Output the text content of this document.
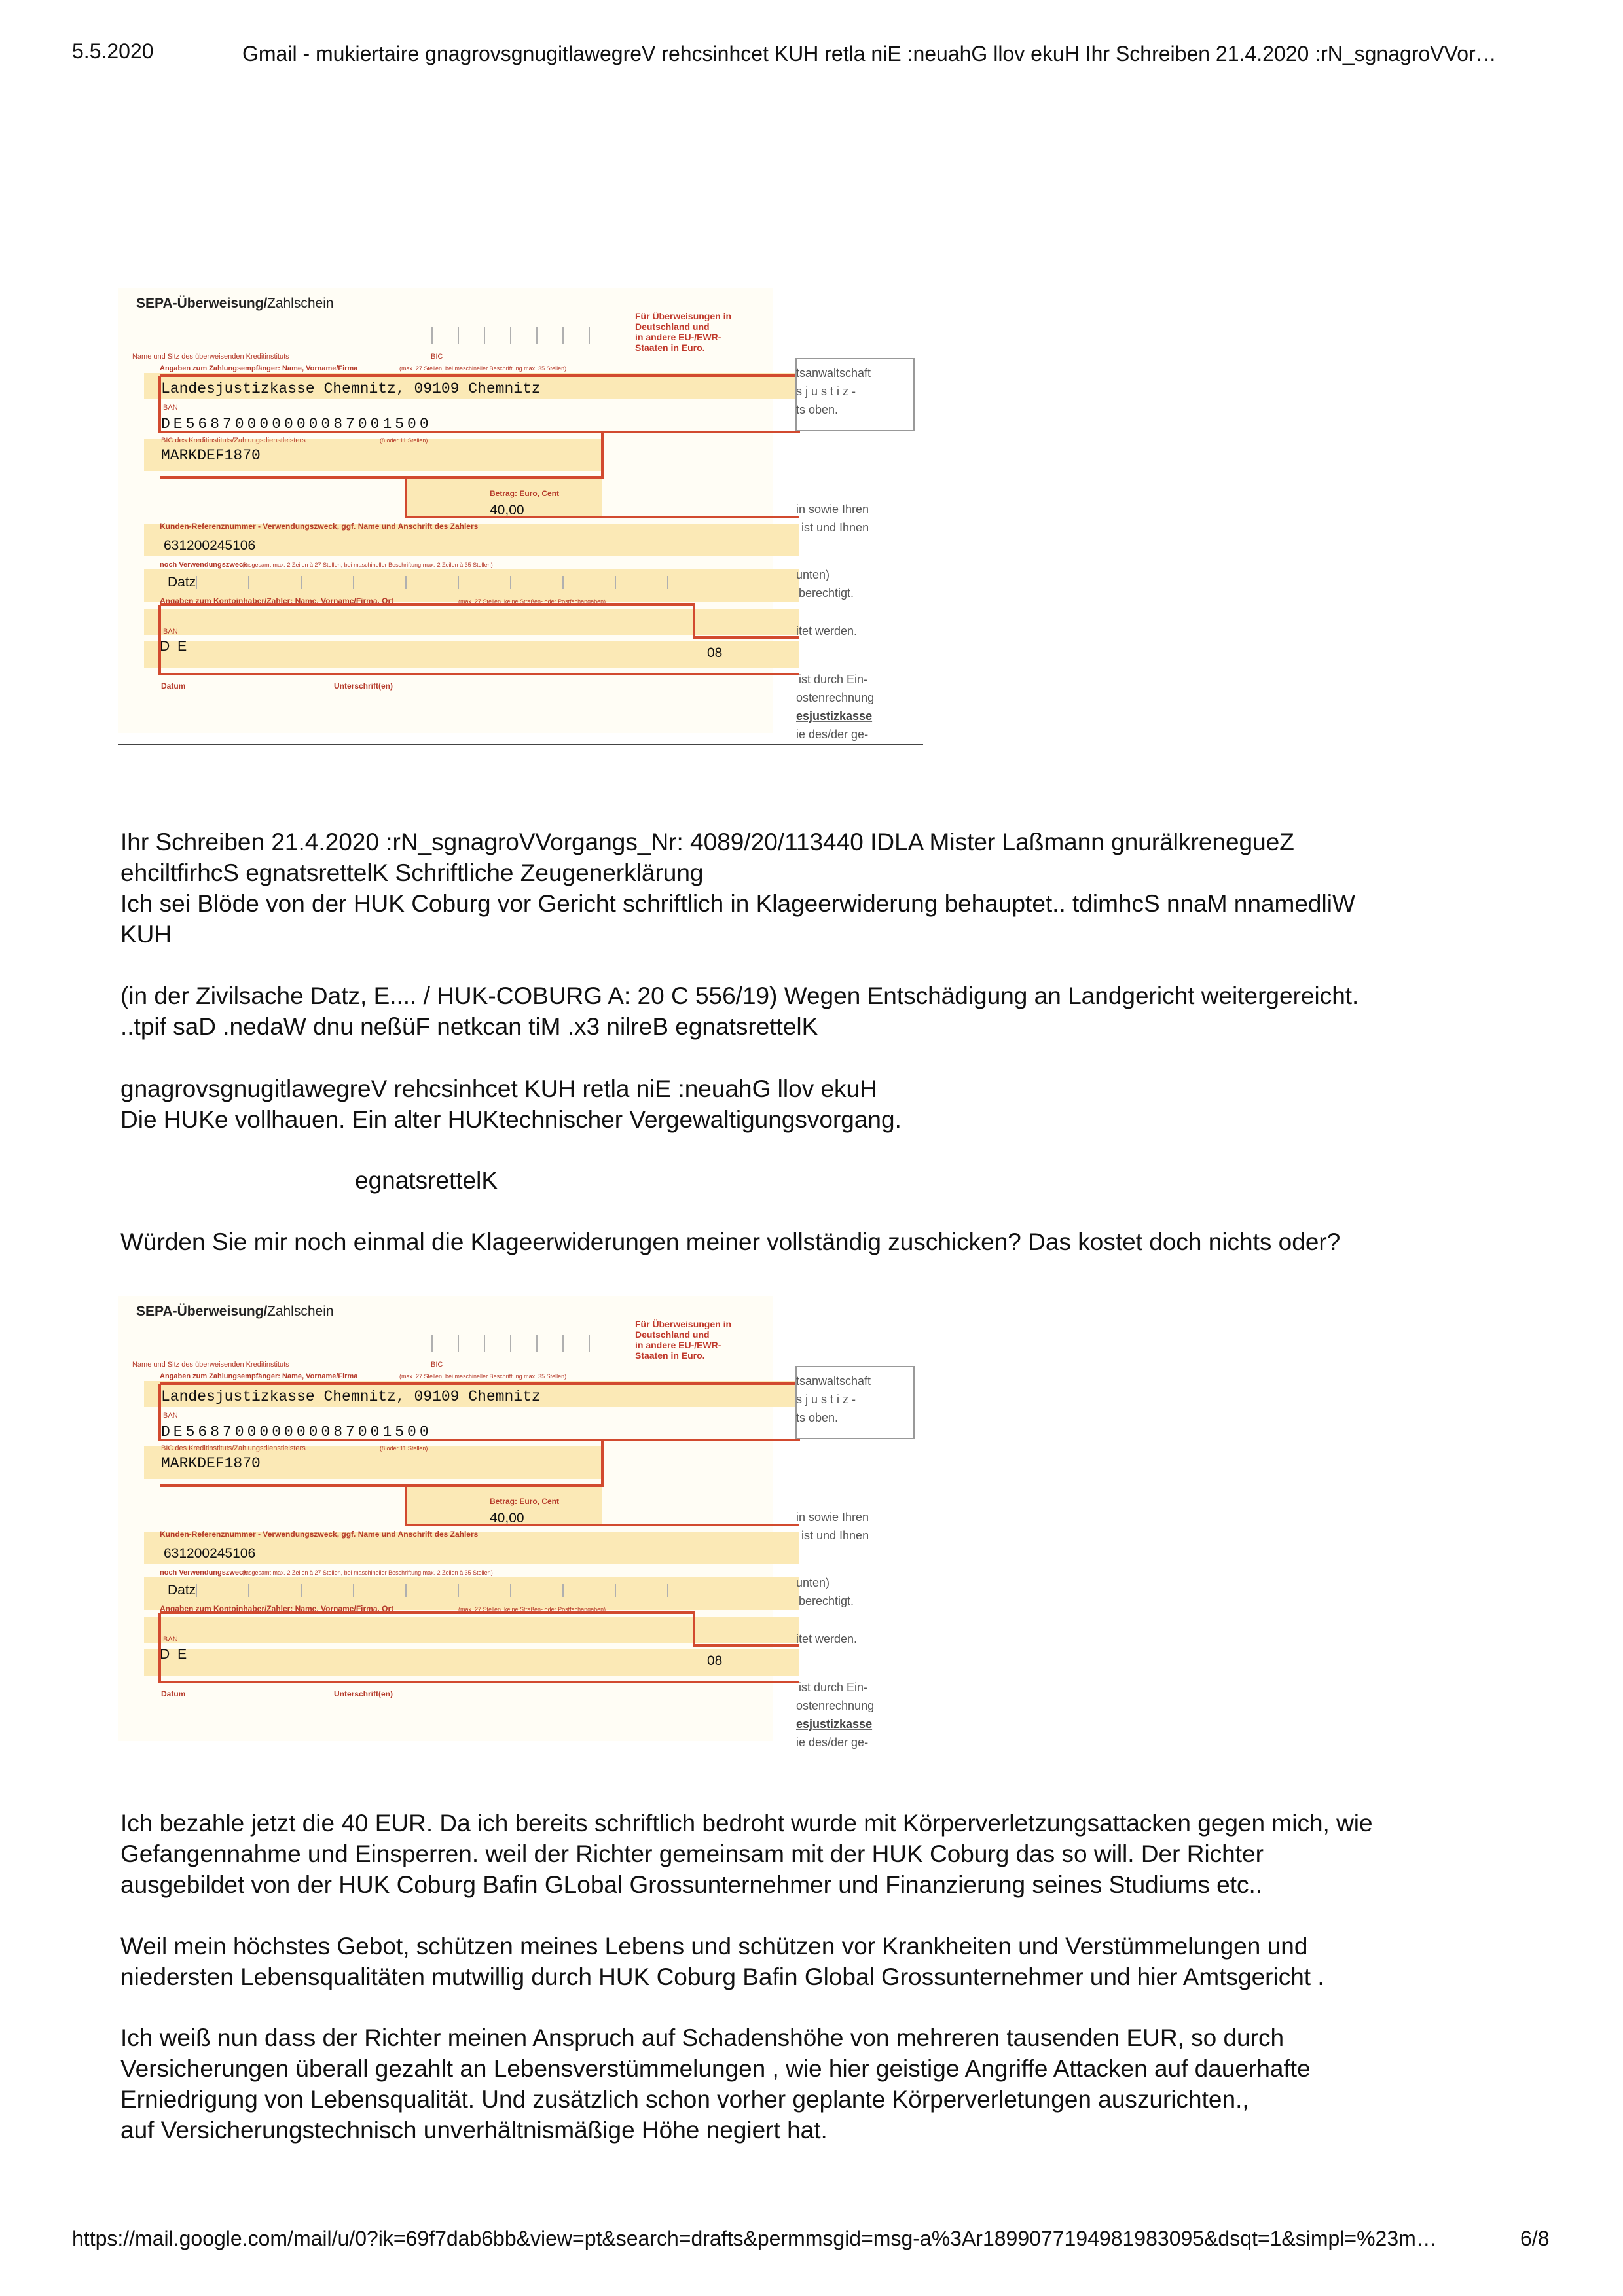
5.5.2020	Gmail - mukiertaire gnagrovsgnugitlawegreV rehcsinhcet KUH retla niE :neuahG llov ekuH Ihr Schreiben 21.4.2020 :rN_sgnagroVVor…
SEPA-Überweisung/ Zahlschein
Für Überweisungen in
Deutschland und
in andere EU-/EWR-
Staaten in Euro.
Name und Sitz des überweisenden Kreditinstituts	BIC
Angaben zum Zahlungsempfänger: Name, Vorname/Firma	(max. 27 Stellen, bei maschineller Beschriftung max. 35 Stellen)
Landesjustizkasse Chemnitz, 09109 Chemnitz
IBAN
DE56870000000087001500
BIC des Kreditinstituts/Zahlungsdienstleisters	(8 oder 11 Stellen)
MARKDEF1870
Betrag: Euro, Cent
40,00
Kunden-Referenznummer - Verwendungszweck, ggf. Name und Anschrift des Zahlers
631200245106
noch Verwendungszweck
(insgesamt max. 2 Zeilen à 27 Stellen, bei maschineller Beschriftung max. 2 Zeilen à 35 Stellen)
Datz
Angaben zum Kontoinhaber/Zahler: Name, Vorname/Firma, Ort	(max. 27 Stellen, keine Straßen- oder Postfachangaben)
IBAN
DE	08
Datum	Unterschrift(en)
tsanwaltschaft
sjustiz-
ts oben.
in sowie Ihren
ist und Ihnen
unten)
berechtigt.
itet werden.
ist durch Ein-
ostenrechnung
esjustizkasse
ie des/der ge-
Ihr Schreiben 21.4.2020 :rN_sgnagroVVorgangs_Nr: 4089/20/113440 IDLA Mister Laßmann gnurälkrenegueZ
ehciltfirhcS egnatsrettelK Schriftliche Zeugenerklärung
Ich sei Blöde von der HUK Coburg vor Gericht schriftlich in Klageerwiderung behauptet.. tdimhcS nnaM nnamedliW
KUH
(in der Zivilsache Datz, E.... / HUK-COBURG A: 20 C 556/19) Wegen Entschädigung an Landgericht weitergereicht.
..tpif saD .nedaW dnu neßüF netkcan tiM .x3 nilreB egnatsrettelK
gnagrovsgnugitlawegreV rehcsinhcet KUH retla niE :neuahG llov ekuH
Die HUKe vollhauen. Ein alter HUKtechnischer Vergewaltigungsvorgang.
egnatsrettelK
Würden Sie mir noch einmal die Klageerwiderungen meiner vollständig zuschicken? Das kostet doch nichts oder?
SEPA-Überweisung/ Zahlschein
Für Überweisungen in
Deutschland und
in andere EU-/EWR-
Staaten in Euro.
Name und Sitz des überweisenden Kreditinstituts	BIC
Angaben zum Zahlungsempfänger: Name, Vorname/Firma	(max. 27 Stellen, bei maschineller Beschriftung max. 35 Stellen)
Landesjustizkasse Chemnitz, 09109 Chemnitz
IBAN
DE56870000000087001500
BIC des Kreditinstituts/Zahlungsdienstleisters	(8 oder 11 Stellen)
MARKDEF1870
Betrag: Euro, Cent
40,00
Kunden-Referenznummer - Verwendungszweck, ggf. Name und Anschrift des Zahlers
631200245106
noch Verwendungszweck
(insgesamt max. 2 Zeilen à 27 Stellen, bei maschineller Beschriftung max. 2 Zeilen à 35 Stellen)
Datz
Angaben zum Kontoinhaber/Zahler: Name, Vorname/Firma, Ort	(max. 27 Stellen, keine Straßen- oder Postfachangaben)
IBAN
DE	08
Datum	Unterschrift(en)
tsanwaltschaft
sjustiz-
ts oben.
in sowie Ihren
ist und Ihnen
unten)
berechtigt.
itet werden.
ist durch Ein-
ostenrechnung
esjustizkasse
ie des/der ge-
Ich bezahle jetzt die 40 EUR. Da ich bereits schriftlich bedroht wurde mit Körperverletzungsattacken gegen mich, wie
Gefangennahme und Einsperren. weil der Richter gemeinsam mit der HUK Coburg das so will. Der Richter
ausgebildet von der HUK Coburg Bafin GLobal Grossunternehmer und Finanzierung seines Studiums etc..
Weil mein höchstes Gebot, schützen meines Lebens und schützen vor Krankheiten und Verstümmelungen und
niedersten Lebensqualitäten mutwillig durch HUK Coburg Bafin Global Grossunternehmer und hier Amtsgericht .
Ich weiß nun dass der Richter meinen Anspruch auf Schadenshöhe von mehreren tausenden EUR, so durch
Versicherungen überall gezahlt an Lebensverstümmelungen , wie hier geistige Angriffe Attacken auf dauerhafte
Erniedrigung von Lebensqualität. Und zusätzlich schon vorher geplante Körperverletungen auszurichten.,
auf Versicherungstechnisch unverhältnismäßige Höhe negiert hat.
https://mail.google.com/mail/u/0?ik=69f7dab6bb&view=pt&search=drafts&permmsgid=msg-a%3Ar1899077194981983095&dsqt=1&simpl=%23m…	6/8
